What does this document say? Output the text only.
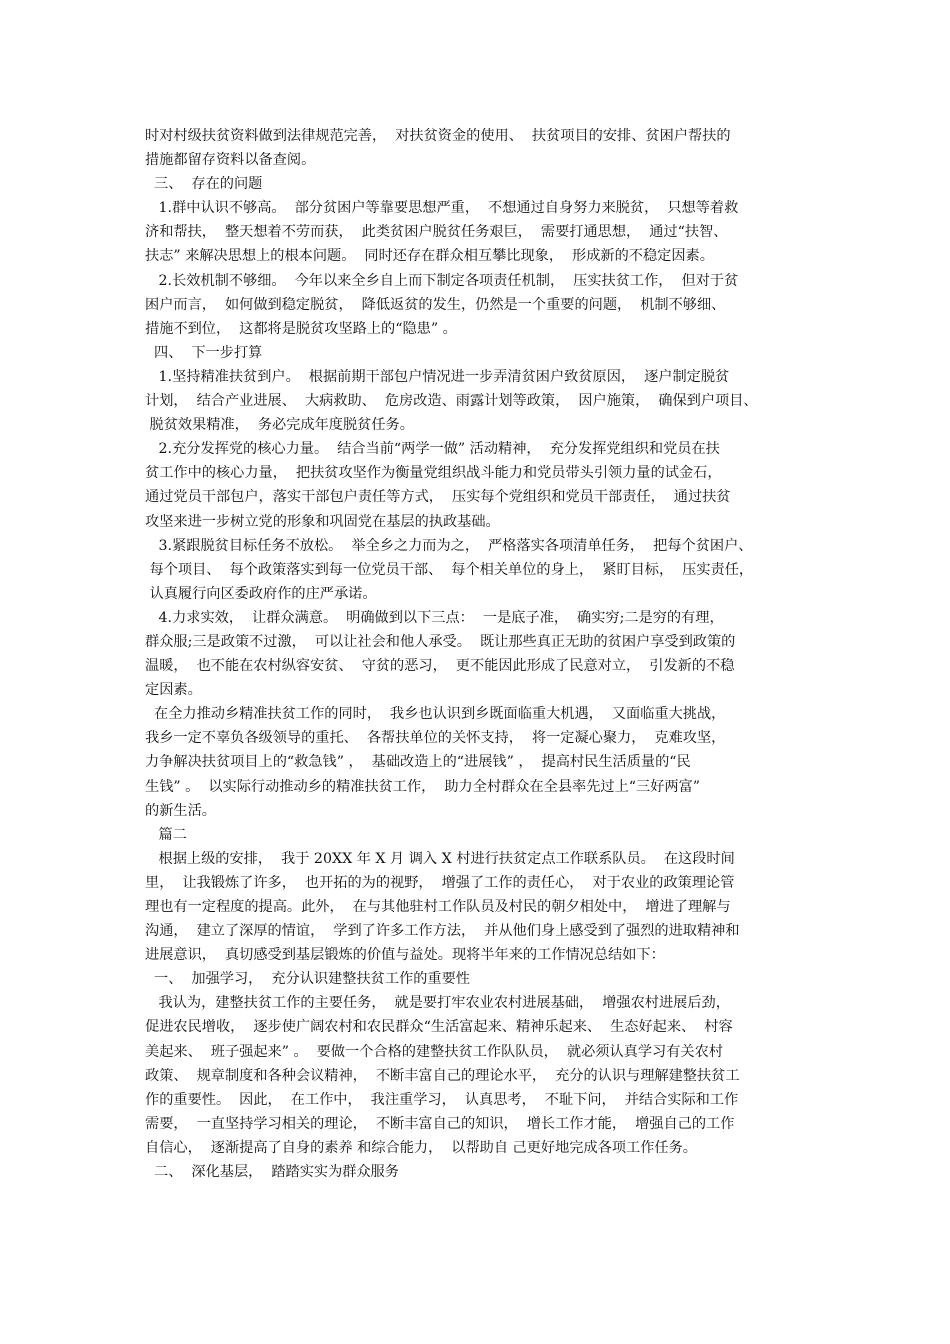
时对村级扶贫资料做到法律规范完善，  对扶贫资金的使用、  扶贫项目的安排、贫困户帮扶的
措施都留存资料以备查阅。
三、  存在的问题
1.群中认识不够高。  部分贫困户等靠要思想严重，  不想通过自身努力来脱贫，  只想等着救
济和帮扶，  整天想着不劳而获，  此类贫困户脱贫任务艰巨，  需要打通思想，  通过“扶智、
扶志” 来解决思想上的根本问题。  同时还存在群众相互攀比现象，  形成新的不稳定因素。
2.长效机制不够细。  今年以来全乡自上而下制定各项责任机制，  压实扶贫工作，  但对于贫
困户而言，  如何做到稳定脱贫，  降低返贫的发生，仍然是一个重要的问题，  机制不够细、
措施不到位，  这都将是脱贫攻坚路上的“隐患” 。
四、  下一步打算
1.坚持精准扶贫到户。  根据前期干部包户情况进一步弄清贫困户致贫原因，  逐户制定脱贫
计划，  结合产业进展、  大病救助、  危房改造、雨露计划等政策，  因户施策，  确保到户项目、
脱贫效果精准，  务必完成年度脱贫任务。
2.充分发挥党的核心力量。  结合当前“两学一做” 活动精神，  充分发挥党组织和党员在扶
贫工作中的核心力量，  把扶贫攻坚作为衡量党组织战斗能力和党员带头引领力量的试金石，
通过党员干部包户，落实干部包户责任等方式，  压实每个党组织和党员干部责任，  通过扶贫
攻坚来进一步树立党的形象和巩固党在基层的执政基础。
3.紧跟脱贫目标任务不放松。  举全乡之力而为之，  严格落实各项清单任务，  把每个贫困户、
每个项目、  每个政策落实到每一位党员干部、  每个相关单位的身上，  紧盯目标，  压实责任，
认真履行向区委政府作的庄严承诺。
4.力求实效，  让群众满意。  明确做到以下三点：  一是底子准，  确实穷;二是穷的有理，
群众服;三是政策不过激，  可以让社会和他人承受。  既让那些真正无助的贫困户享受到政策的
温暖，  也不能在农村纵容安贫、  守贫的恶习，  更不能因此形成了民意对立，  引发新的不稳
定因素。
在全力推动乡精准扶贫工作的同时，  我乡也认识到乡既面临重大机遇，  又面临重大挑战，
我乡一定不辜负各级领导的重托、  各帮扶单位的关怀支持，  将一定凝心聚力，  克难攻坚，
力争解决扶贫项目上的“救急钱” ，  基础改造上的“进展钱” ，  提高村民生活质量的“民
生钱” 。  以实际行动推动乡的精准扶贫工作，  助力全村群众在全县率先过上“三好两富”
的新生活。
篇二
根据上级的安排，  我于 20XX 年 X 月 调入 X 村进行扶贫定点工作联系队员。  在这段时间
里，  让我锻炼了许多，  也开拓的为的视野，  增强了工作的责任心，  对于农业的政策理论管
理也有一定程度的提高。此外，  在与其他驻村工作队员及村民的朝夕相处中，  增进了理解与
沟通，  建立了深厚的情谊，  学到了许多工作方法，  并从他们身上感受到了强烈的进取精神和
进展意识，  真切感受到基层锻炼的价值与益处。现将半年来的工作情况总结如下：
一、  加强学习，  充分认识建整扶贫工作的重要性
我认为，建整扶贫工作的主要任务，  就是要打牢农业农村进展基础，  增强农村进展后劲，
促进农民增收，  逐步使广阔农村和农民群众“生活富起来、精神乐起来、  生态好起来、  村容
美起来、  班子强起来” 。  要做一个合格的建整扶贫工作队队员，  就必须认真学习有关农村
政策、  规章制度和各种会议精神，  不断丰富自己的理论水平，  充分的认识与理解建整扶贫工
作的重要性。  因此，  在工作中，  我注重学习，  认真思考，  不耻下问，  并结合实际和工作
需要，  一直坚持学习相关的理论，  不断丰富自己的知识，  增长工作才能，  增强自己的工作
自信心，  逐渐提高了自身的素养 和综合能力，  以帮助自 己更好地完成各项工作任务。
二、  深化基层，  踏踏实实为群众服务
